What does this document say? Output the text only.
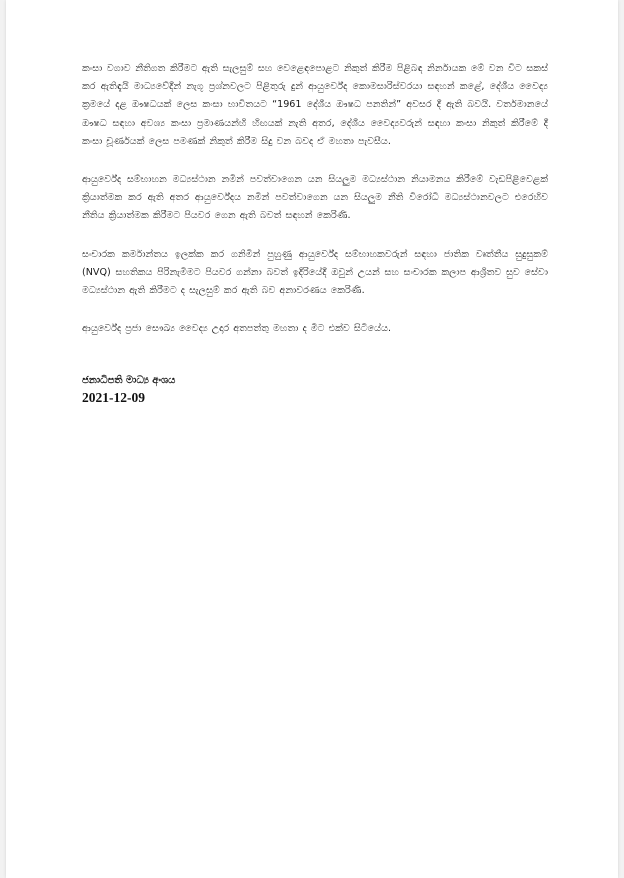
කංසා වගාව නීතිගත කිරීමට ඇති සැලසුම් සහ වෙළෙඳපොළට නිකුත් කිරීම පිළිබඳ නිර්නායක මේ වන විට සකස් කර ඇතිඳැයි මාධ්‍යවේදීන් නැගූ ප්‍රශ්නවලට පිළිතුරු දුන් ආයුර්වේද කොමසාරිස්වරයා සඳහන් කළේ, දේශීය වෛද්‍ය ක්‍රමයේ දළ ඖෂධයක් ලෙස කංසා භාවිතයට “1961 දේශීය ඖෂධ පනතින්” අවසර දී ඇති බවයි. වර්තමානයේ ඖෂධ සඳහා අවශ්‍ය කංසා ප්‍රමාණයන්හි හිඟයක් නැති අතර, දේශීය වෛද්‍යවරුන් සඳහා කංසා නිකුත් කිරීමේ දී කංසා චූර්ණයක් ලෙස පමණක් නිකුත් කිරීම සිදු වන බවද ඒ මහතා පැවසීය.

ආයුර්වේද සම්භාහන මධ්‍යස්ථාන නමින් පවත්වාගෙන යන සියලුම මධ්‍යස්ථාන නියාමනය කිරීමේ වැඩපිළිවෙළක් ක්‍රියාත්මක කර ඇති අතර ආයුර්වේදය නමින් පවත්වාගෙන යන සියලුම නීති විරෝධී මධ්‍යස්ථානවලට එරෙහිව නීතිය ක්‍රියාත්මක කිරීමට පියවර ගෙන ඇති බවත් සඳහන් කෙරිණි.

සංචාරක කර්මාන්තය ඉලක්ක කර ගනිමින් පුහුණු ආයුර්වේද සම්භාහකවරුන් සඳහා ජාතික වෘත්තීය සුදුසුකම් (NVQ) සහතිකය පිරිනැමීමට පියවර ගන්නා බවත් ඉදිරියේදී ඔවුන් උයන් සහ සංචාරක කලාප ආශ්‍රිතව සුව සේවා මධ්‍යස්ථාන ඇති කිරීමට ද සැලසුම් කර ඇති බව අනාවරණය කෙරිණි.

ආයුර්වේද ප්‍රජා සෞඛ්‍ය වෛද්‍ය උදාර අතපත්තු මහතා ද මීට එක්ව සිටියේය.

ජනාධිපති මාධ්‍ය අංශය

2021-12-09
